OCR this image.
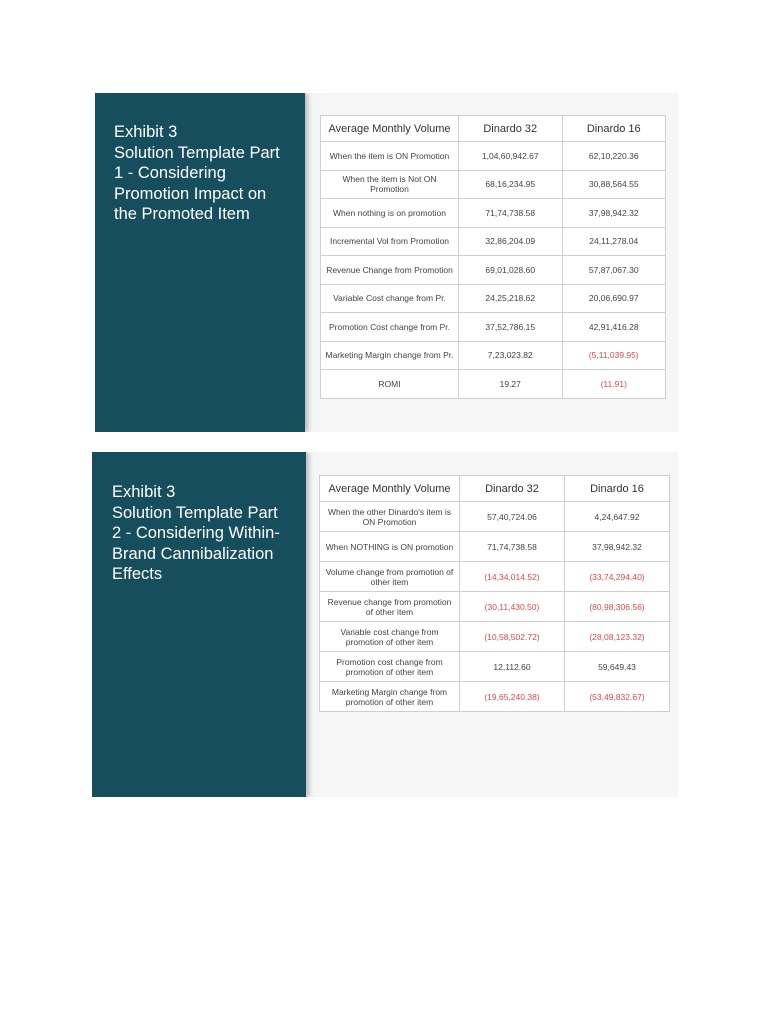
Exhibit 3
Solution Template Part
1 - Considering
Promotion Impact on
the Promoted Item
Average Monthly Volume	Dinardo 32	Dinardo 16
When the item is ON Promotion	1,04,60,942.67	62,10,220.36
When the item is Not ON Promotion	68,16,234.95	30,88,564.55
When nothing is on promotion	71,74,738.58	37,98,942.32
Incremental Vol from Promotion	32,86,204.09	24,11,278.04
Revenue Change from Promotion	69,01,028.60	57,87,067.30
Variable Cost change from Pr.	24,25,218.62	20,06,690.97
Promotion Cost change from Pr.	37,52,786.15	42,91,416.28
Marketing Margin change from Pr.	7,23,023.82	(5,11,039.95)
ROMI	19.27	(11.91)
Exhibit 3
Solution Template Part
2 - Considering Within-
Brand Cannibalization
Effects
Average Monthly Volume	Dinardo 32	Dinardo 16
When the other Dinardo's item is ON Promotion	57,40,724.06	4,24,647.92
When NOTHING is ON promotion	71,74,738.58	37,98,942.32
Volume change from promotion of other item	(14,34,014.52)	(33,74,294.40)
Revenue change from promotion of other item	(30,11,430.50)	(80,98,306.56)
Variable cost change from promotion of other item	(10,58,502.72)	(28,08,123.32)
Promotion cost change from promotion of other item	12,112.60	59,649.43
Marketing Margin change from promotion of other item	(19,65,240.38)	(53,49,832.67)
